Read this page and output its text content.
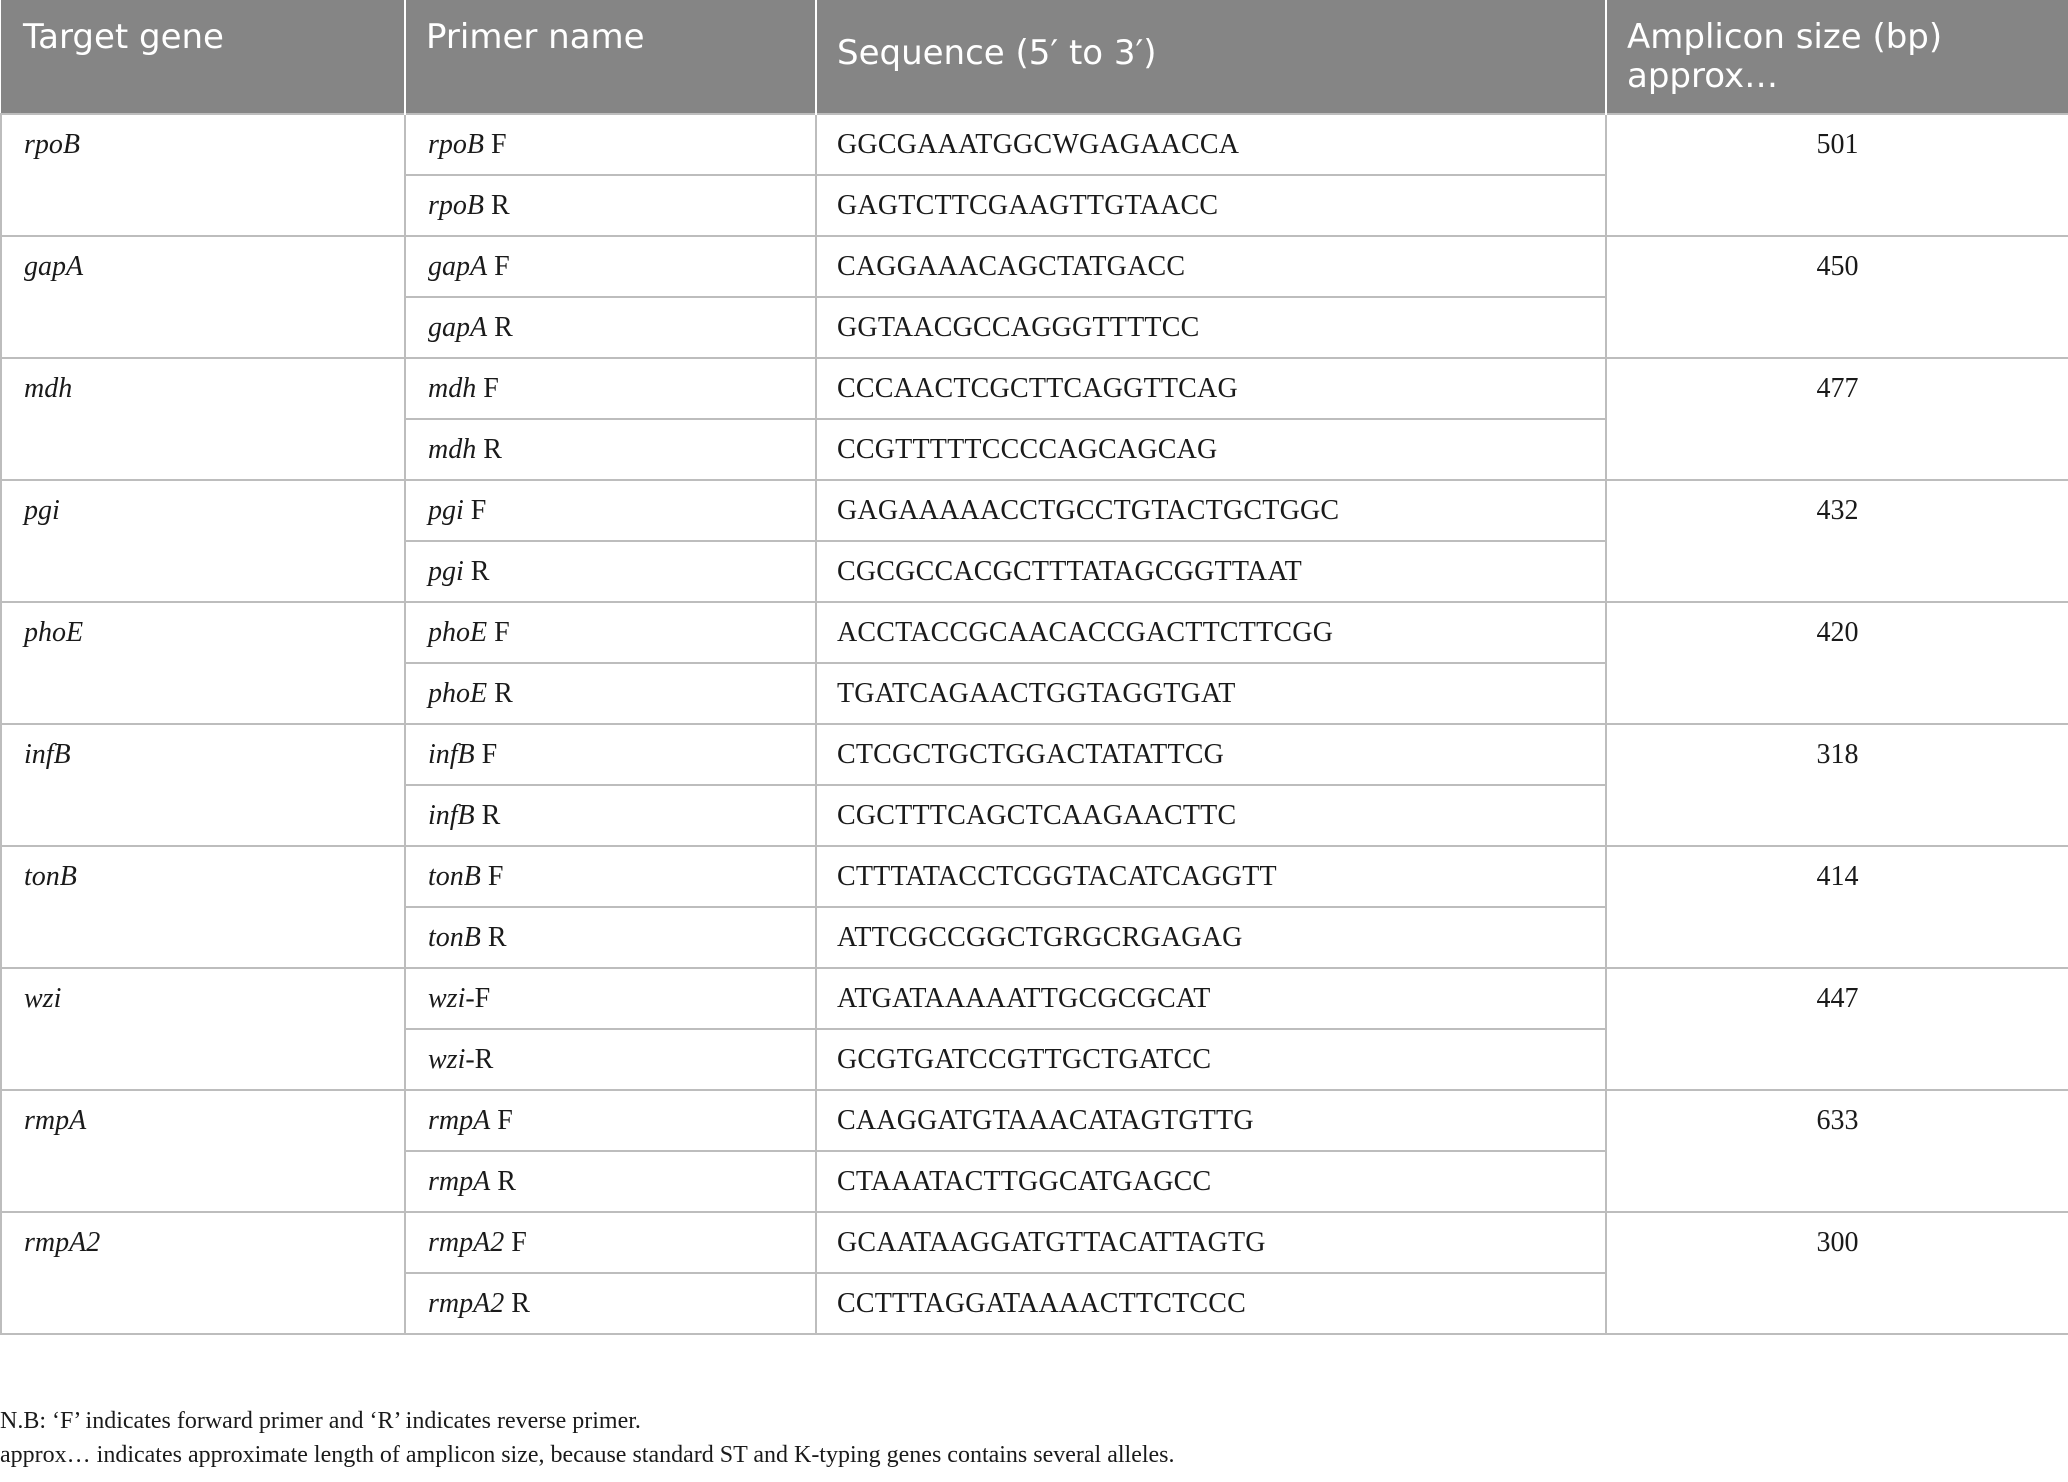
Target gene	Primer name	Sequence (5′ to 3′)	Amplicon size (bp) approx…
rpoB	rpoB F	GGCGAAATGGCWGAGAACCA	501
	rpoB R	GAGTCTTCGAAGTTGTAACC	
gapA	gapA F	CAGGAAACAGCTATGACC	450
	gapA R	GGTAACGCCAGGGTTTTCC	
mdh	mdh F	CCCAACTCGCTTCAGGTTCAG	477
	mdh R	CCGTTTTTCCCCAGCAGCAG	
pgi	pgi F	GAGAAAAACCTGCCTGTACTGCTGGC	432
	pgi R	CGCGCCACGCTTTATAGCGGTTAAT	
phoE	phoE F	ACCTACCGCAACACCGACTTCTTCGG	420
	phoE R	TGATCAGAACTGGTAGGTGAT	
infB	infB F	CTCGCTGCTGGACTATATTCG	318
	infB R	CGCTTTCAGCTCAAGAACTTC	
tonB	tonB F	CTTTATACCTCGGTACATCAGGTT	414
	tonB R	ATTCGCCGGCTGRGCRGAGAG	
wzi	wzi-F	ATGATAAAAATTGCGCGCAT	447
	wzi-R	GCGTGATCCGTTGCTGATCC	
rmpA	rmpA F	CAAGGATGTAAACATAGTGTTG	633
	rmpA R	CTAAATACTTGGCATGAGCC	
rmpA2	rmpA2 F	GCAATAAGGATGTTACATTAGTG	300
	rmpA2 R	CCTTTAGGATAAAACTTCTCCC	

N.B: ‘F’ indicates forward primer and ‘R’ indicates reverse primer.

approx… indicates approximate length of amplicon size, because standard ST and K-typing genes contains several alleles.
